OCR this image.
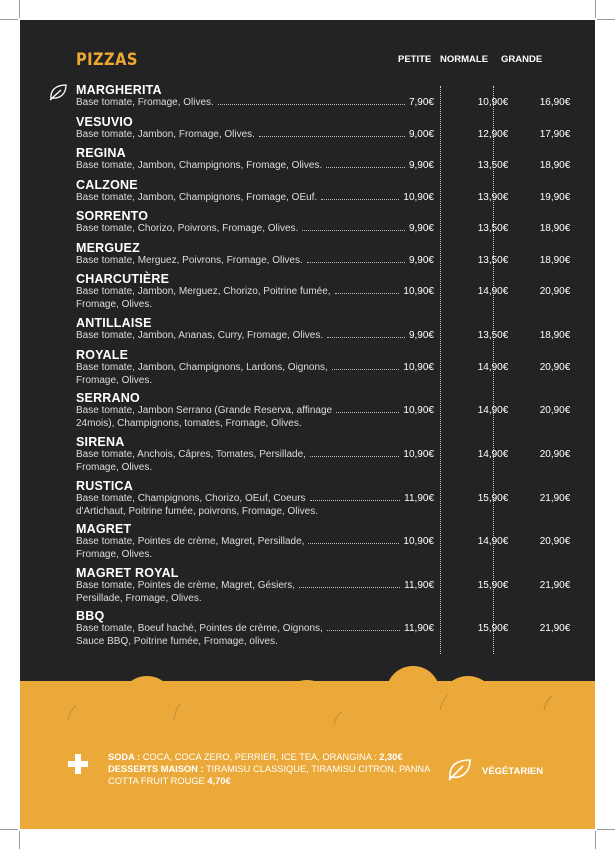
PIZZAS	PETITE NORMALE GRANDE
MARGHERITA
Base tomate, Fromage, Olives.	7,90€	10,90€	16,90€
VESUVIO
Base tomate, Jambon, Fromage, Olives.	9,00€	12,90€	17,90€
REGINA
Base tomate, Jambon, Champignons, Fromage, Olives.	9,90€	13,50€	18,90€
CALZONE
Base tomate, Jambon, Champignons, Fromage, OEuf.	10,90€	13,90€	19,90€
SORRENTO
Base tomate, Chorizo, Poivrons, Fromage, Olives.	9,90€	13,50€	18,90€
MERGUEZ
Base tomate, Merguez, Poivrons, Fromage, Olives.	9,90€	13,50€	18,90€
CHARCUTIÈRE
Base tomate, Jambon, Merguez, Chorizo, Poitrine fumée,	10,90€	14,90€	20,90€
Fromage, Olives.
ANTILLAISE
Base tomate, Jambon, Ananas, Curry, Fromage, Olives.	9,90€	13,50€	18,90€
ROYALE
Base tomate, Jambon, Champignons, Lardons, Oignons,	10,90€	14,90€	20,90€
Fromage, Olives.
SERRANO
Base tomate, Jambon Serrano (Grande Reserva, affinage	10,90€	14,90€	20,90€
24mois), Champignons, tomates, Fromage, Olives.
SIRENA
Base tomate, Anchois, Câpres, Tomates, Persillade,	10,90€	14,90€	20,90€
Fromage, Olives.
RUSTICA
Base tomate, Champignons, Chorizo, OEuf, Coeurs	11,90€	15,90€	21,90€
d'Artichaut, Poitrine fumée, poivrons, Fromage, Olives.
MAGRET
Base tomate, Pointes de crème, Magret, Persillade,	10,90€	14,90€	20,90€
Fromage, Olives.
MAGRET ROYAL
Base tomate, Pointes de crème, Magret, Gésiers,	11,90€	15,90€	21,90€
Persillade, Fromage, Olives.
BBQ
Base tomate, Boeuf haché, Pointes de crème, Oignons,	11,90€	15,90€	21,90€
Sauce BBQ, Poitrine fumée, Fromage, olives.
SODA : COCA, COCA ZERO, PERRIER, ICE TEA, ORANGINA : 2,30€
DESSERTS MAISON : TIRAMISU CLASSIQUE, TIRAMISU CITRON, PANNA COTTA FRUIT ROUGE 4,70€
VÉGÉTARIEN
